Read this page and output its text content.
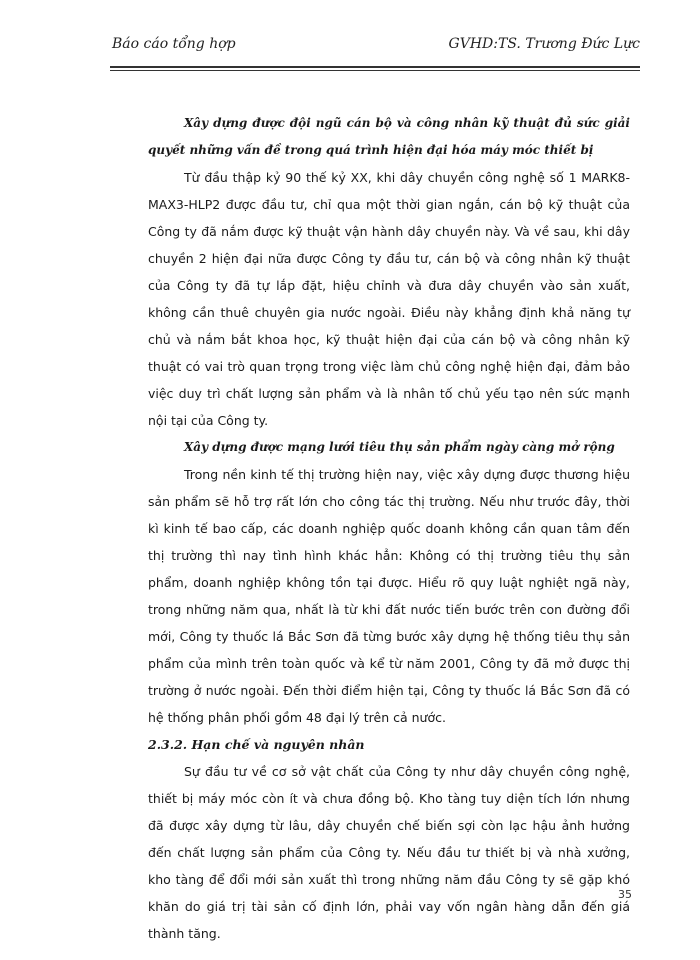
Báo cáo tổng hợp	GVHD:TS. Trương Đức Lực

Xây dựng được đội ngũ cán bộ và công nhân kỹ thuật đủ sức giải quyết những vấn đề trong quá trình hiện đại hóa máy móc thiết bị

Từ đầu thập kỷ 90 thế kỷ XX, khi dây chuyền công nghệ số 1 MARK8-MAX3-HLP2 được đầu tư, chỉ qua một thời gian ngắn, cán bộ kỹ thuật của Công ty đã nắm được kỹ thuật vận hành dây chuyền này. Và về sau, khi dây chuyền 2 hiện đại nữa được Công ty đầu tư, cán bộ và công nhân kỹ thuật của Công ty đã tự lắp đặt, hiệu chỉnh và đưa dây chuyền vào sản xuất, không cần thuê chuyên gia nước ngoài. Điều này khẳng định khả năng tự chủ và nắm bắt khoa học, kỹ thuật hiện đại của cán bộ và công nhân kỹ thuật có vai trò quan trọng trong việc làm chủ công nghệ hiện đại, đảm bảo việc duy trì chất lượng sản phẩm và là nhân tố chủ yếu tạo nên sức mạnh nội tại của Công ty.

Xây dựng được mạng lưới tiêu thụ sản phẩm ngày càng mở rộng

Trong nền kinh tế thị trường hiện nay, việc xây dựng được thương hiệu sản phẩm sẽ hỗ trợ rất lớn cho công tác thị trường. Nếu như trước đây, thời kì kinh tế bao cấp, các doanh nghiệp quốc doanh không cần quan tâm đến thị trường thì nay tình hình khác hẳn: Không có thị trường tiêu thụ sản phẩm, doanh nghiệp không tồn tại được. Hiểu rõ quy luật nghiệt ngã này, trong những năm qua, nhất là từ khi đất nước tiến bước trên con đường đổi mới, Công ty thuốc lá Bắc Sơn đã từng bước xây dựng hệ thống tiêu thụ sản phẩm của mình trên toàn quốc và kể từ năm 2001, Công ty đã mở được thị trường ở nước ngoài. Đến thời điểm hiện tại, Công ty thuốc lá Bắc Sơn đã có hệ thống phân phối gồm 48 đại lý trên cả nước.

2.3.2. Hạn chế và nguyên nhân

Sự đầu tư về cơ sở vật chất của Công ty như dây chuyền công nghệ, thiết bị máy móc còn ít và chưa đồng bộ. Kho tàng tuy diện tích lớn nhưng đã được xây dựng từ lâu, dây chuyền chế biến sợi còn lạc hậu ảnh hưởng đến chất lượng sản phẩm của Công ty. Nếu đầu tư thiết bị và nhà xưởng, kho tàng để đổi mới sản xuất thì trong những năm đầu Công ty sẽ gặp khó khăn do giá trị tài sản cố định lớn, phải vay vốn ngân hàng dẫn đến giá thành tăng.

35
